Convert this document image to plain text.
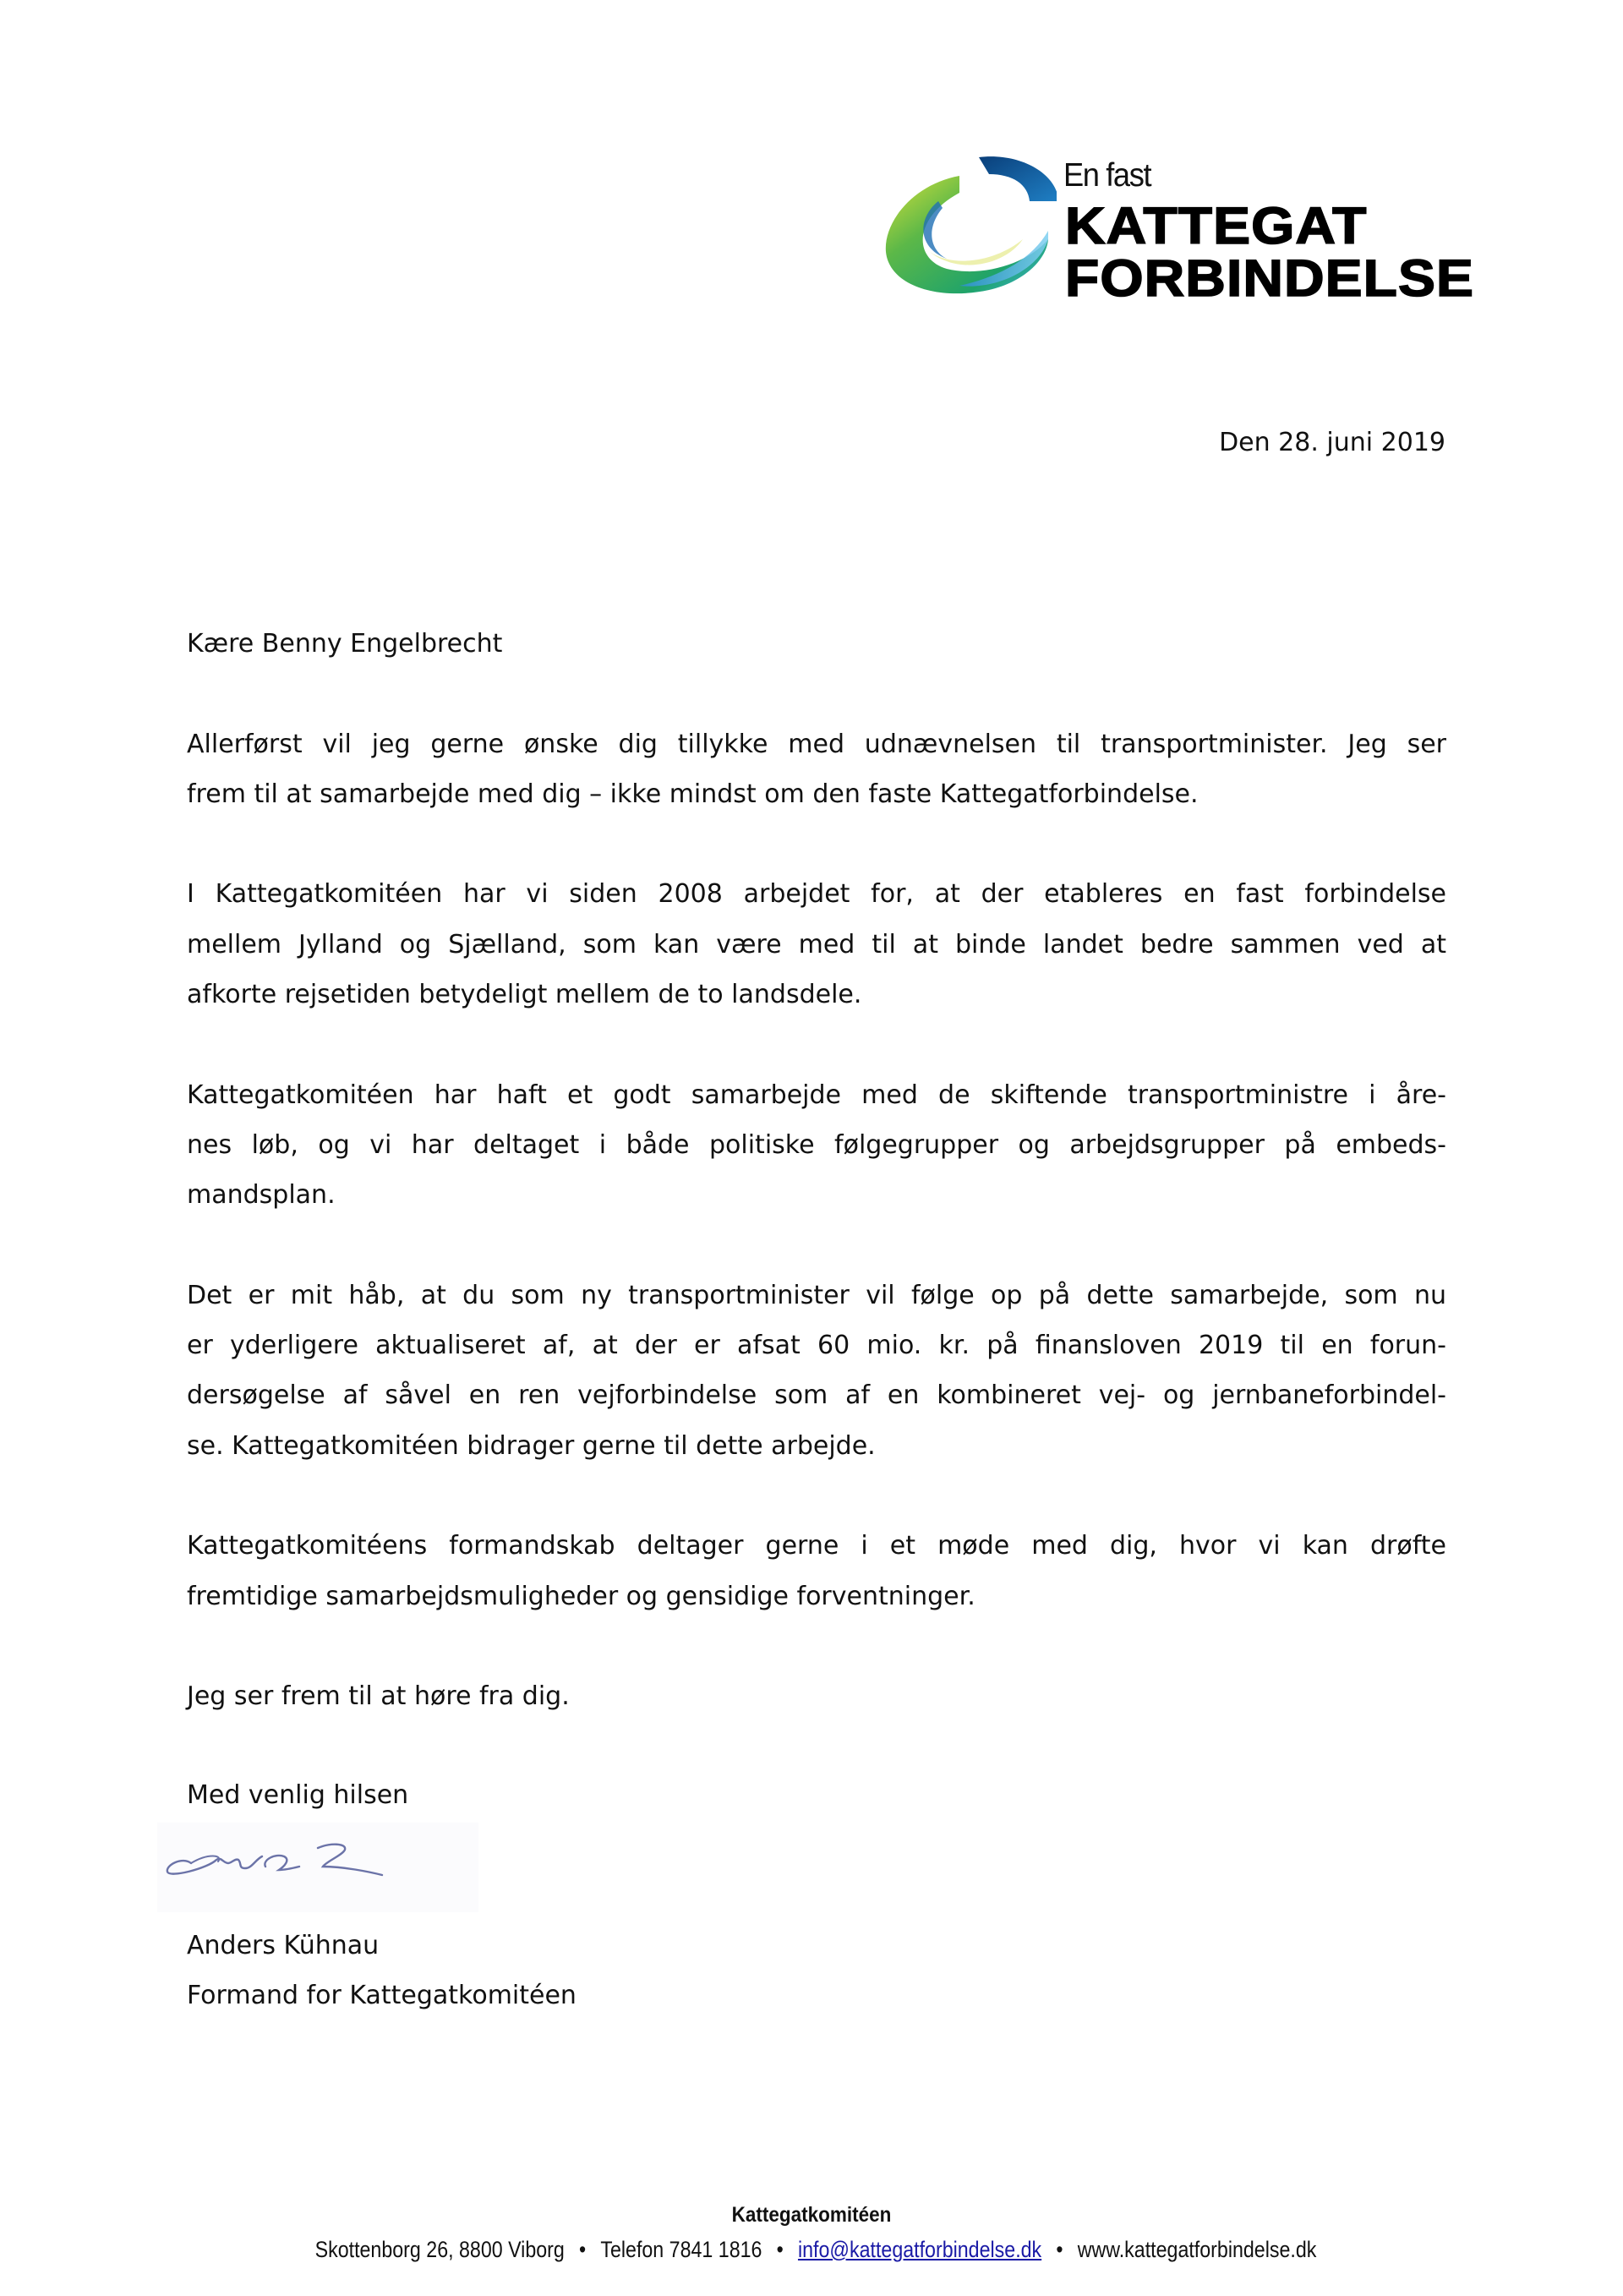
En fast
KATTEGAT
FORBINDELSE
Den 28. juni 2019

Kære Benny Engelbrecht

Allerførst vil jeg gerne ønske dig tillykke med udnævnelsen til transportminister. Jeg ser
frem til at samarbejde med dig – ikke mindst om den faste Kattegatforbindelse.

I Kattegatkomitéen har vi siden 2008 arbejdet for, at der etableres en fast forbindelse
mellem Jylland og Sjælland, som kan være med til at binde landet bedre sammen ved at
afkorte rejsetiden betydeligt mellem de to landsdele.

Kattegatkomitéen har haft et godt samarbejde med de skiftende transportministre i åre-
nes løb, og vi har deltaget i både politiske følgegrupper og arbejdsgrupper på embeds-
mandsplan.

Det er mit håb, at du som ny transportminister vil følge op på dette samarbejde, som nu
er yderligere aktualiseret af, at der er afsat 60 mio. kr. på finansloven 2019 til en forun-
dersøgelse af såvel en ren vejforbindelse som af en kombineret vej- og jernbaneforbindel-
se. Kattegatkomitéen bidrager gerne til dette arbejde.

Kattegatkomitéens formandskab deltager gerne i et møde med dig, hvor vi kan drøfte
fremtidige samarbejdsmuligheder og gensidige forventninger.

Jeg ser frem til at høre fra dig.

Med venlig hilsen
Anders Kühnau
Formand for Kattegatkomitéen
Kattegatkomitéen
Skottenborg 26, 8800 Viborg • Telefon 7841 1816 • info@kattegatforbindelse.dk • www.kattegatforbindelse.dk
